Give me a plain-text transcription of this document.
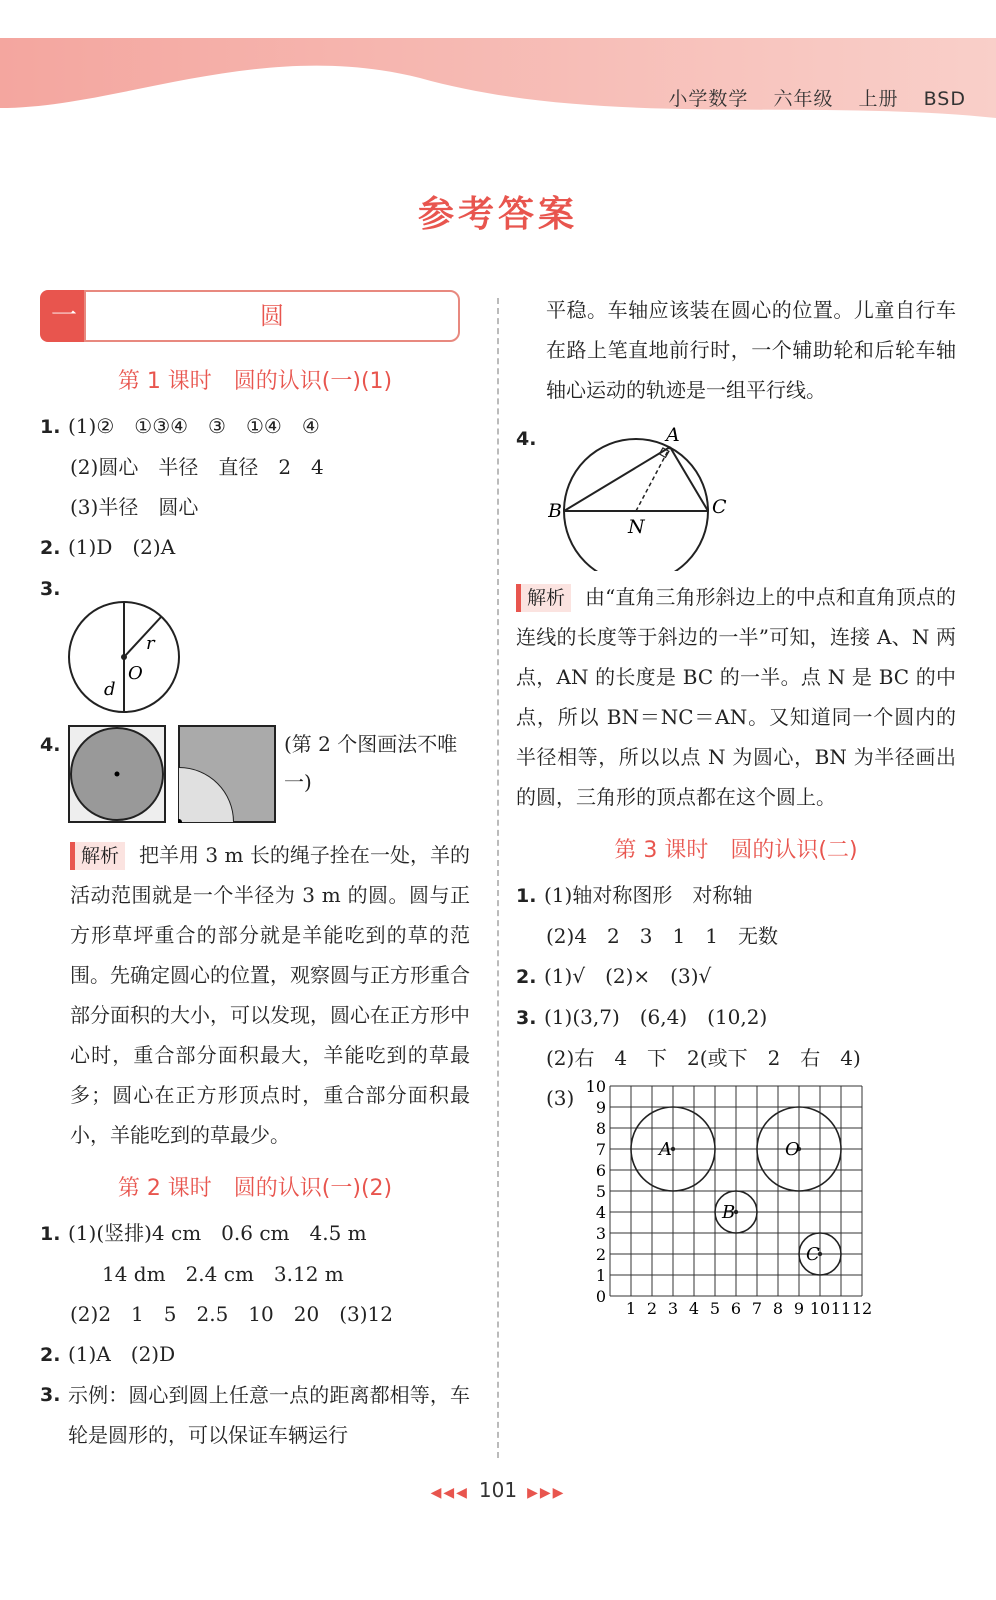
小学数学 六年级 上册 BSD
参考答案
一	圆
第 1 课时　圆的认识(一)(1)
1. (1)②　①③④　③　①④　④
(2)圆心　半径　直径　2　4
(3)半径　圆心
2. (1)D　(2)A
3.
O
r
d
4.	(第 2 个图画法不唯一)
解析 把羊用 3 m 长的绳子拴在一处，羊的活动范围就是一个半径为 3 m 的圆。圆与正方形草坪重合的部分就是羊能吃到的草的范围。先确定圆心的位置，观察圆与正方形重合部分面积的大小，可以发现，圆心在正方形中心时，重合部分面积最大，羊能吃到的草最多；圆心在正方形顶点时，重合部分面积最小，羊能吃到的草最少。
第 2 课时　圆的认识(一)(2)
1. (1)(竖排)4 cm　0.6 cm　4.5 m
14 dm　2.4 cm　3.12 m
(2)2　1　5　2.5　10　20　(3)12
2. (1)A　(2)D
3. 示例：圆心到圆上任意一点的距离都相等，车轮是圆形的，可以保证车辆运行
平稳。车轴应该装在圆心的位置。儿童自行车在路上笔直地前行时，一个辅助轮和后轮车轴轴心运动的轨迹是一组平行线。
4.	A
B	C
N
解析 由“直角三角形斜边上的中点和直角顶点的连线的长度等于斜边的一半”可知，连接 A、N 两点，AN 的长度是 BC 的一半。点 N 是 BC 的中点，所以 BN＝NC＝AN。又知道同一个圆内的半径相等，所以以点 N 为圆心，BN 为半径画出的圆，三角形的顶点都在这个圆上。
第 3 课时　圆的认识(二)
1. (1)轴对称图形　对称轴
(2)4　2　3　1　1　无数
2. (1)√　(2)×　(3)√
3. (1)(3,7)　(6,4)　(10,2)
(2)右　4　下　2(或下　2　右　4)
(3) 10
9
8
7
6
5
4
3
2
1
0
1 2 3 4 5 6 7 8 9 10 11 12
A	O
B
C
◀◀◀ 101 ▶▶▶
